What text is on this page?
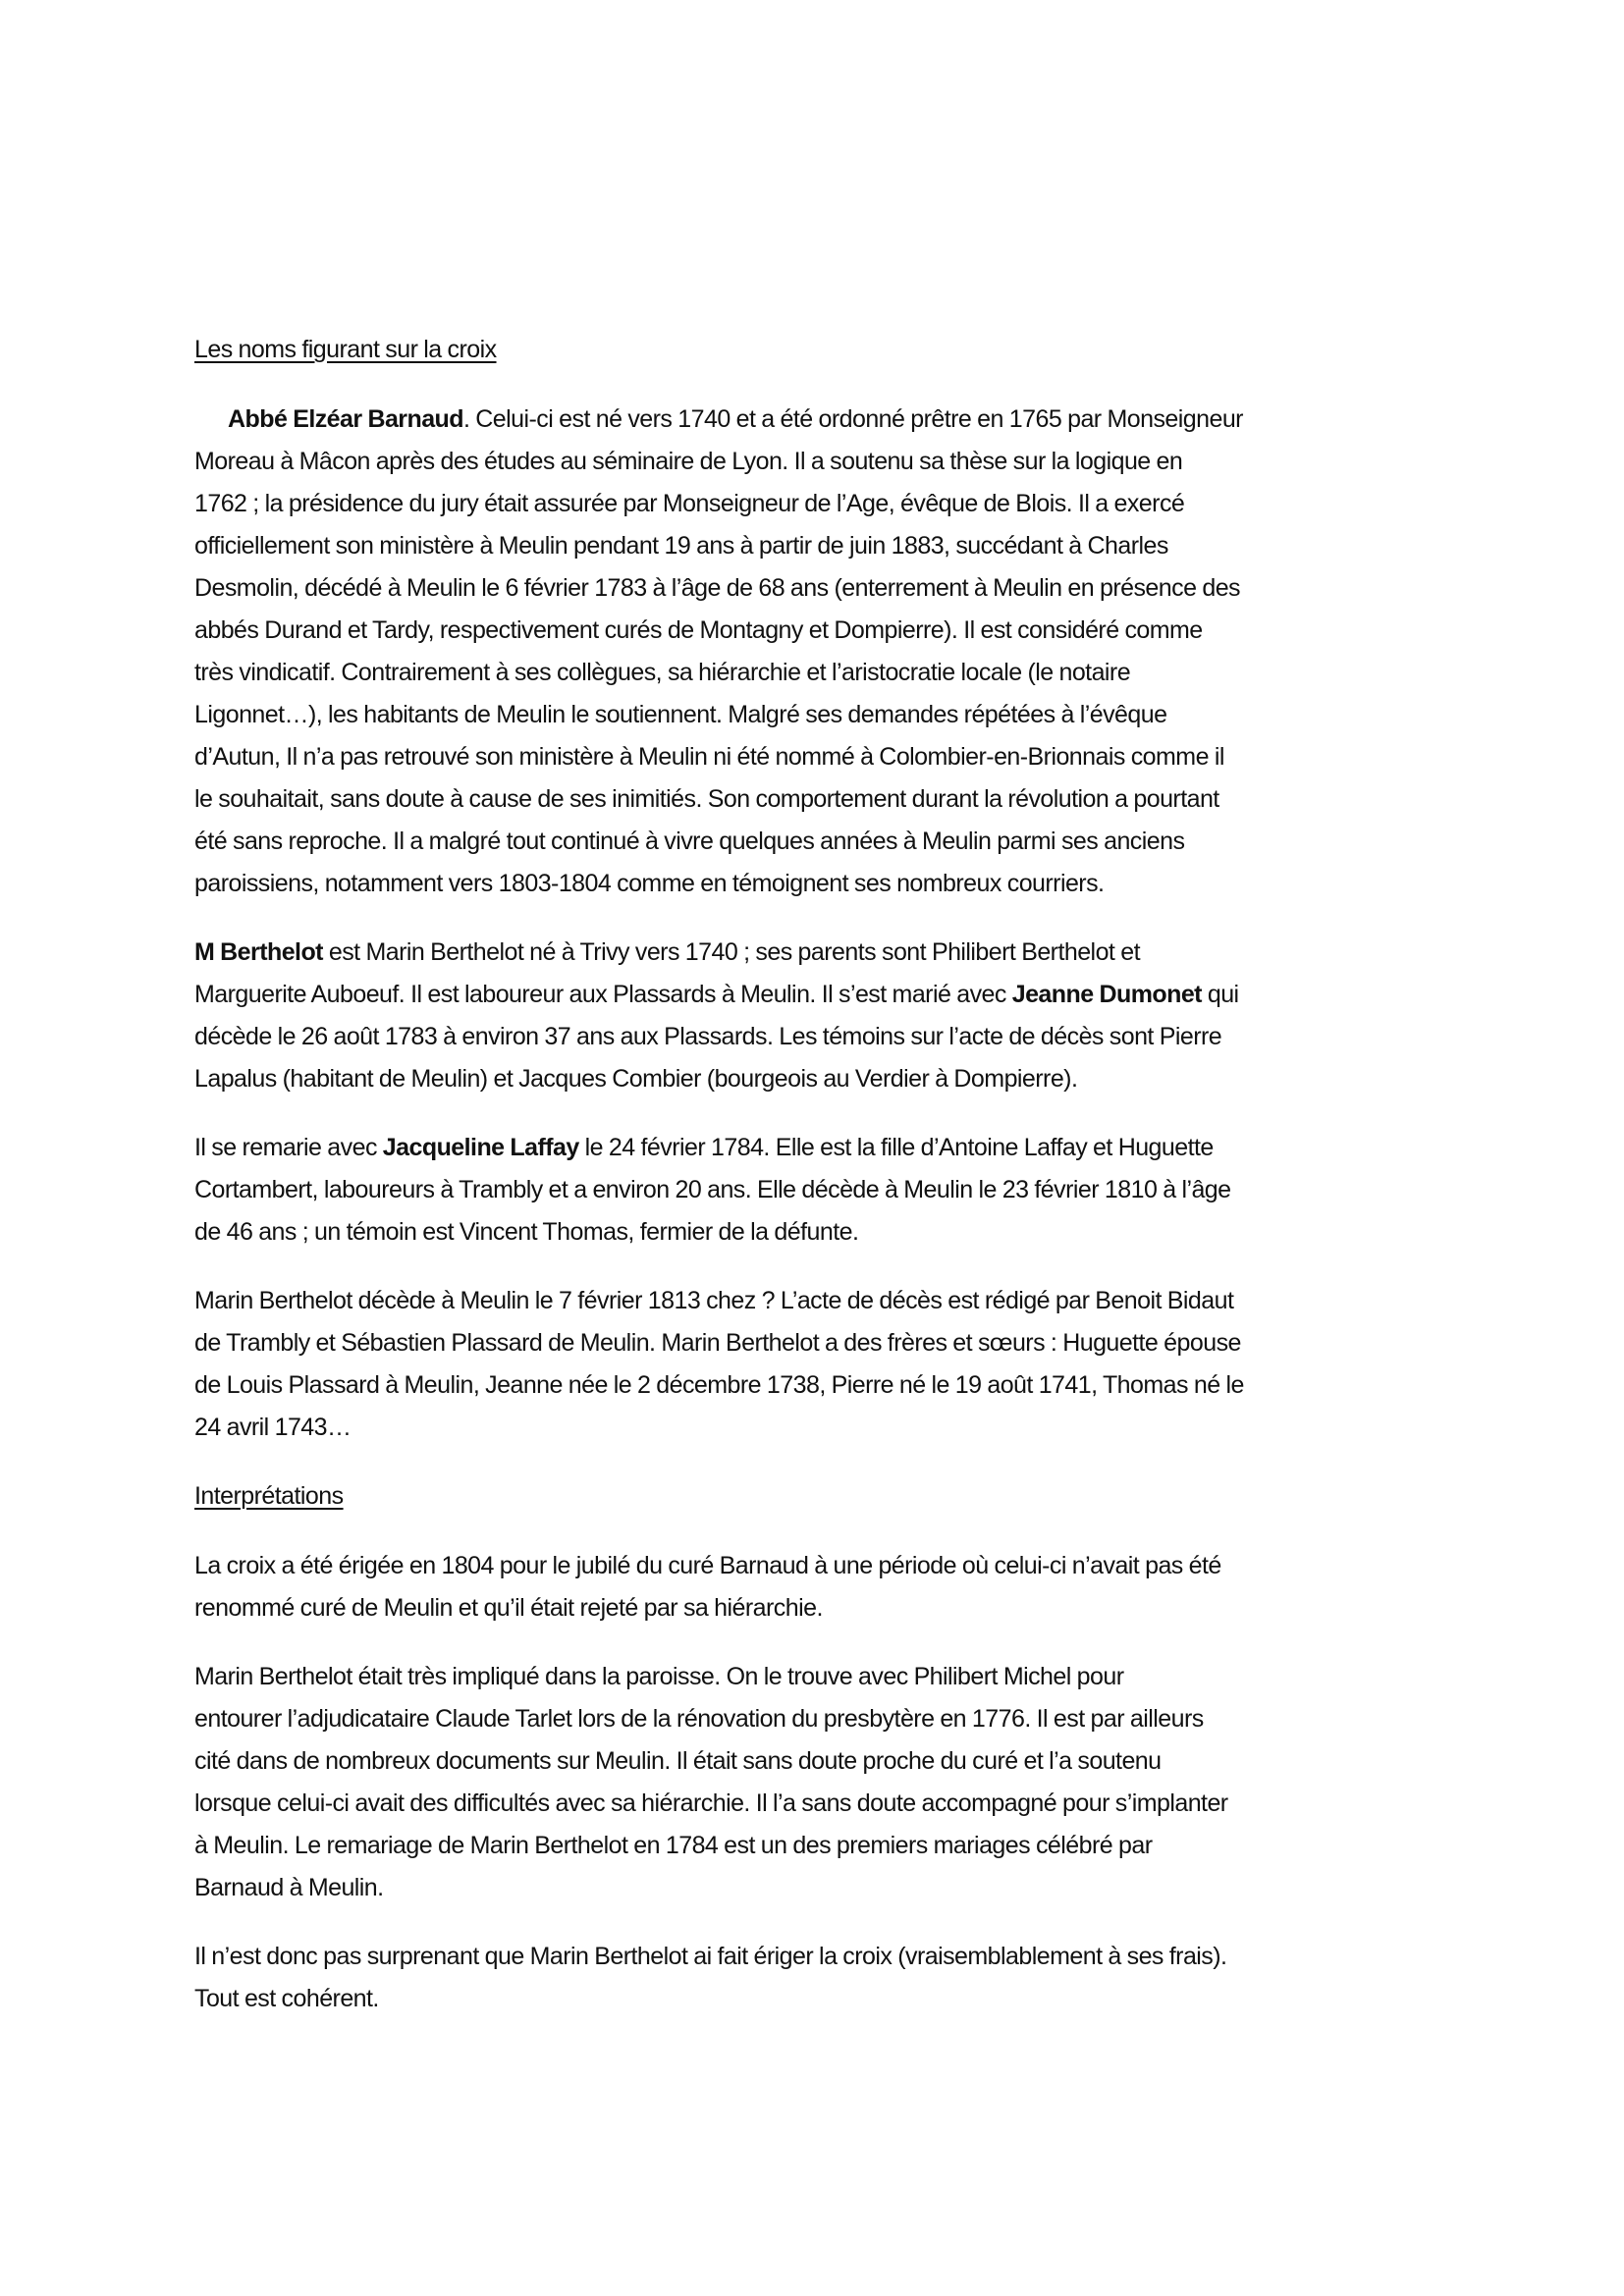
Les noms figurant sur la croix
Abbé Elzéar Barnaud. Celui-ci est né vers 1740 et a été ordonné prêtre en 1765 par Monseigneur
Moreau à Mâcon après des études au séminaire de Lyon. Il a soutenu sa thèse sur la logique en
1762 ; la présidence du jury était assurée par Monseigneur de l’Age, évêque de Blois. Il a exercé
officiellement son ministère à Meulin pendant 19 ans à partir de juin 1883, succédant à Charles
Desmolin, décédé à Meulin le 6 février 1783 à l’âge de 68 ans (enterrement à Meulin en présence des
abbés Durand et Tardy, respectivement curés de Montagny et Dompierre). Il est considéré comme
très vindicatif. Contrairement à ses collègues, sa hiérarchie et l’aristocratie locale (le notaire
Ligonnet…), les habitants de Meulin le soutiennent. Malgré ses demandes répétées à l’évêque
d’Autun, Il n’a pas retrouvé son ministère à Meulin ni été nommé à Colombier-en-Brionnais comme il
le souhaitait, sans doute à cause de ses inimitiés. Son comportement durant la révolution a pourtant
été sans reproche. Il a malgré tout continué à vivre quelques années à Meulin parmi ses anciens
paroissiens, notamment vers 1803-1804 comme en témoignent ses nombreux courriers.
M Berthelot est Marin Berthelot né à Trivy vers 1740 ; ses parents sont Philibert Berthelot et
Marguerite Auboeuf. Il est laboureur aux Plassards à Meulin. Il s’est marié avec Jeanne Dumonet qui
décède le 26 août 1783 à environ 37 ans aux Plassards. Les témoins sur l’acte de décès sont Pierre
Lapalus (habitant de Meulin) et Jacques Combier (bourgeois au Verdier à Dompierre).
Il se remarie avec Jacqueline Laffay le 24 février 1784. Elle est la fille d’Antoine Laffay et Huguette
Cortambert, laboureurs à Trambly et a environ 20 ans. Elle décède à Meulin le 23 février 1810 à l’âge
de 46 ans ; un témoin est Vincent Thomas, fermier de la défunte.
Marin Berthelot décède à Meulin le 7 février 1813 chez ? L’acte de décès est rédigé par Benoit Bidaut
de Trambly et Sébastien Plassard de Meulin. Marin Berthelot a des frères et sœurs : Huguette épouse
de Louis Plassard à Meulin, Jeanne née le 2 décembre 1738, Pierre né le 19 août 1741, Thomas né le
24 avril 1743…
Interprétations
La croix a été érigée en 1804 pour le jubilé du curé Barnaud à une période où celui-ci n’avait pas été
renommé curé de Meulin et qu’il était rejeté par sa hiérarchie.
Marin Berthelot était très impliqué dans la paroisse. On le trouve avec Philibert Michel pour
entourer l’adjudicataire Claude Tarlet lors de la rénovation du presbytère en 1776. Il est par ailleurs
cité dans de nombreux documents sur Meulin. Il était sans doute proche du curé et l’a soutenu
lorsque celui-ci avait des difficultés avec sa hiérarchie. Il l’a sans doute accompagné pour s’implanter
à Meulin. Le remariage de Marin Berthelot en 1784 est un des premiers mariages célébré par
Barnaud à Meulin.
Il n’est donc pas surprenant que Marin Berthelot ai fait ériger la croix (vraisemblablement à ses frais).
Tout est cohérent.
